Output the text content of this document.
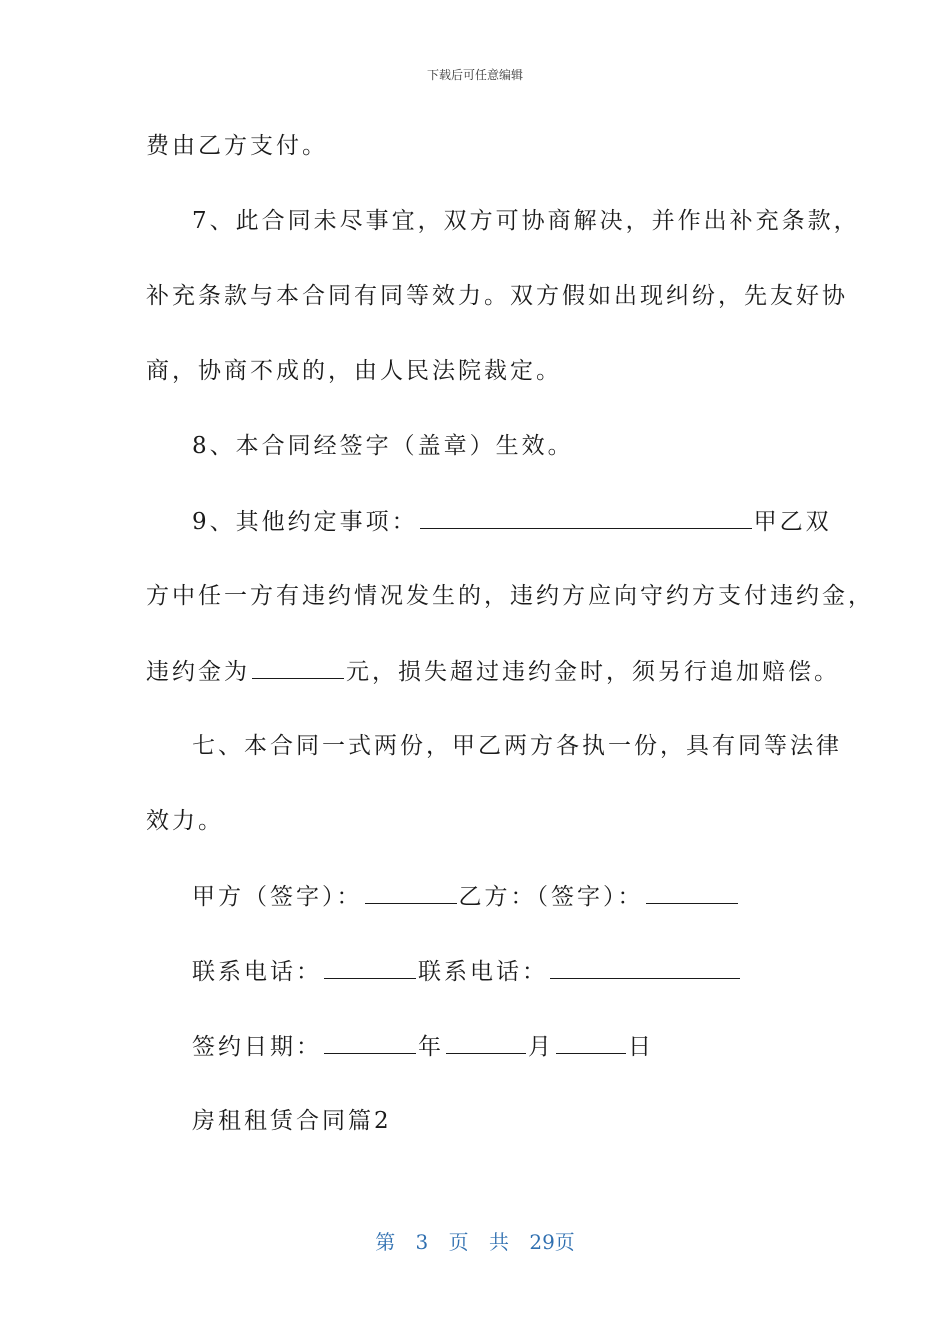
下载后可任意编辑
费由乙方支付。
7、此合同未尽事宜，双方可协商解决，并作出补充条款，
补充条款与本合同有同等效力。双方假如出现纠纷，先友好协
商，协商不成的，由人民法院裁定。
8、本合同经签字（盖章）生效。
9、其他约定事项：	甲乙双
方中任一方有违约情况发生的，违约方应向守约方支付违约金，
违约金为	元，损失超过违约金时，须另行追加赔偿。
七、本合同一式两份，甲乙两方各执一份，具有同等法律
效力。
甲方（签字）：	乙方：（签字）：
联系电话：	联系电话：
签约日期：	年	月	日
房租租赁合同篇2
第 3 页 共 29页
